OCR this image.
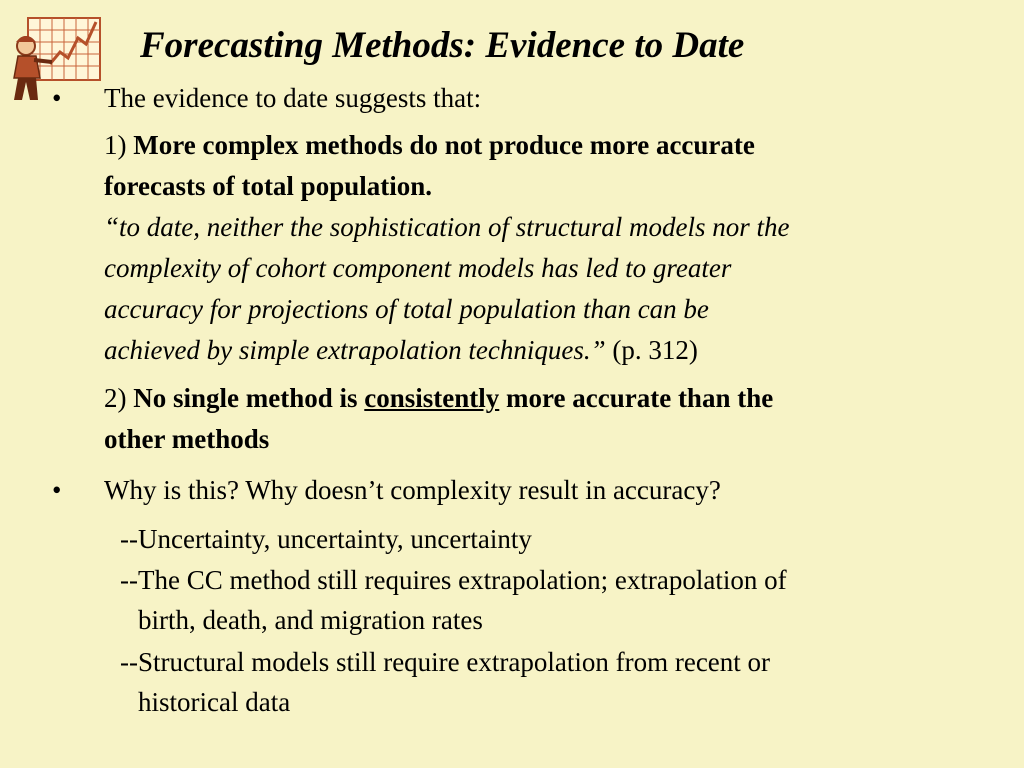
Forecasting Methods: Evidence to Date
• The evidence to date suggests that:
1) More complex methods do not produce more accurate
forecasts of total population.
“to date, neither the sophistication of structural models nor the
complexity of cohort component models has led to greater
accuracy for projections of total population than can be
achieved by simple extrapolation techniques.” (p. 312)
2) No single method is consistently more accurate than the
other methods
• Why is this? Why doesn’t complexity result in accuracy?
--Uncertainty, uncertainty, uncertainty
--The CC method still requires extrapolation; extrapolation of
birth, death, and migration rates
--Structural models still require extrapolation from recent or
historical data
